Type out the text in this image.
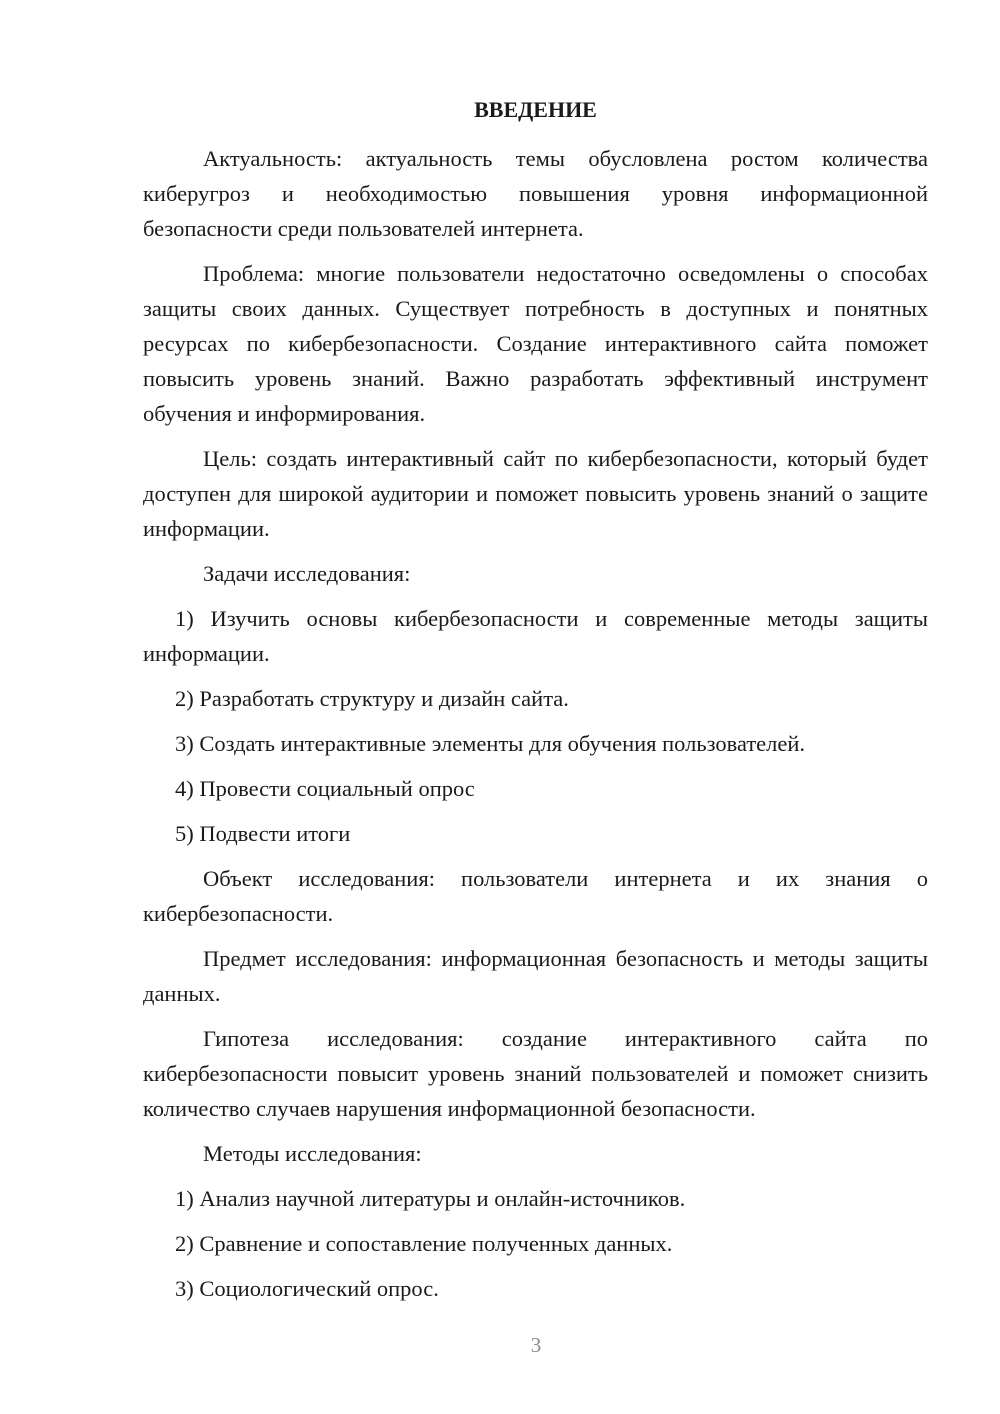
ВВЕДЕНИЕ

Актуальность: актуальность темы обусловлена ростом количества киберугроз и необходимостью повышения уровня информационной безопасности среди пользователей интернета.

Проблема: многие пользователи недостаточно осведомлены о способах защиты своих данных. Существует потребность в доступных и понятных ресурсах по кибербезопасности. Создание интерактивного сайта поможет повысить уровень знаний. Важно разработать эффективный инструмент обучения и информирования.

Цель: создать интерактивный сайт по кибербезопасности, который будет доступен для широкой аудитории и поможет повысить уровень знаний о защите информации.

Задачи исследования:

1) Изучить основы кибербезопасности и современные методы защиты информации.

2) Разработать структуру и дизайн сайта.

3) Создать интерактивные элементы для обучения пользователей.

4) Провести социальный опрос

5) Подвести итоги

Объект исследования: пользователи интернета и их знания о кибербезопасности.

Предмет исследования: информационная безопасность и методы защиты данных.

Гипотеза исследования: создание интерактивного сайта по кибербезопасности повысит уровень знаний пользователей и поможет снизить количество случаев нарушения информационной безопасности.

Методы исследования:

1) Анализ научной литературы и онлайн-источников.

2) Сравнение и сопоставление полученных данных.

3) Социологический опрос.

3
